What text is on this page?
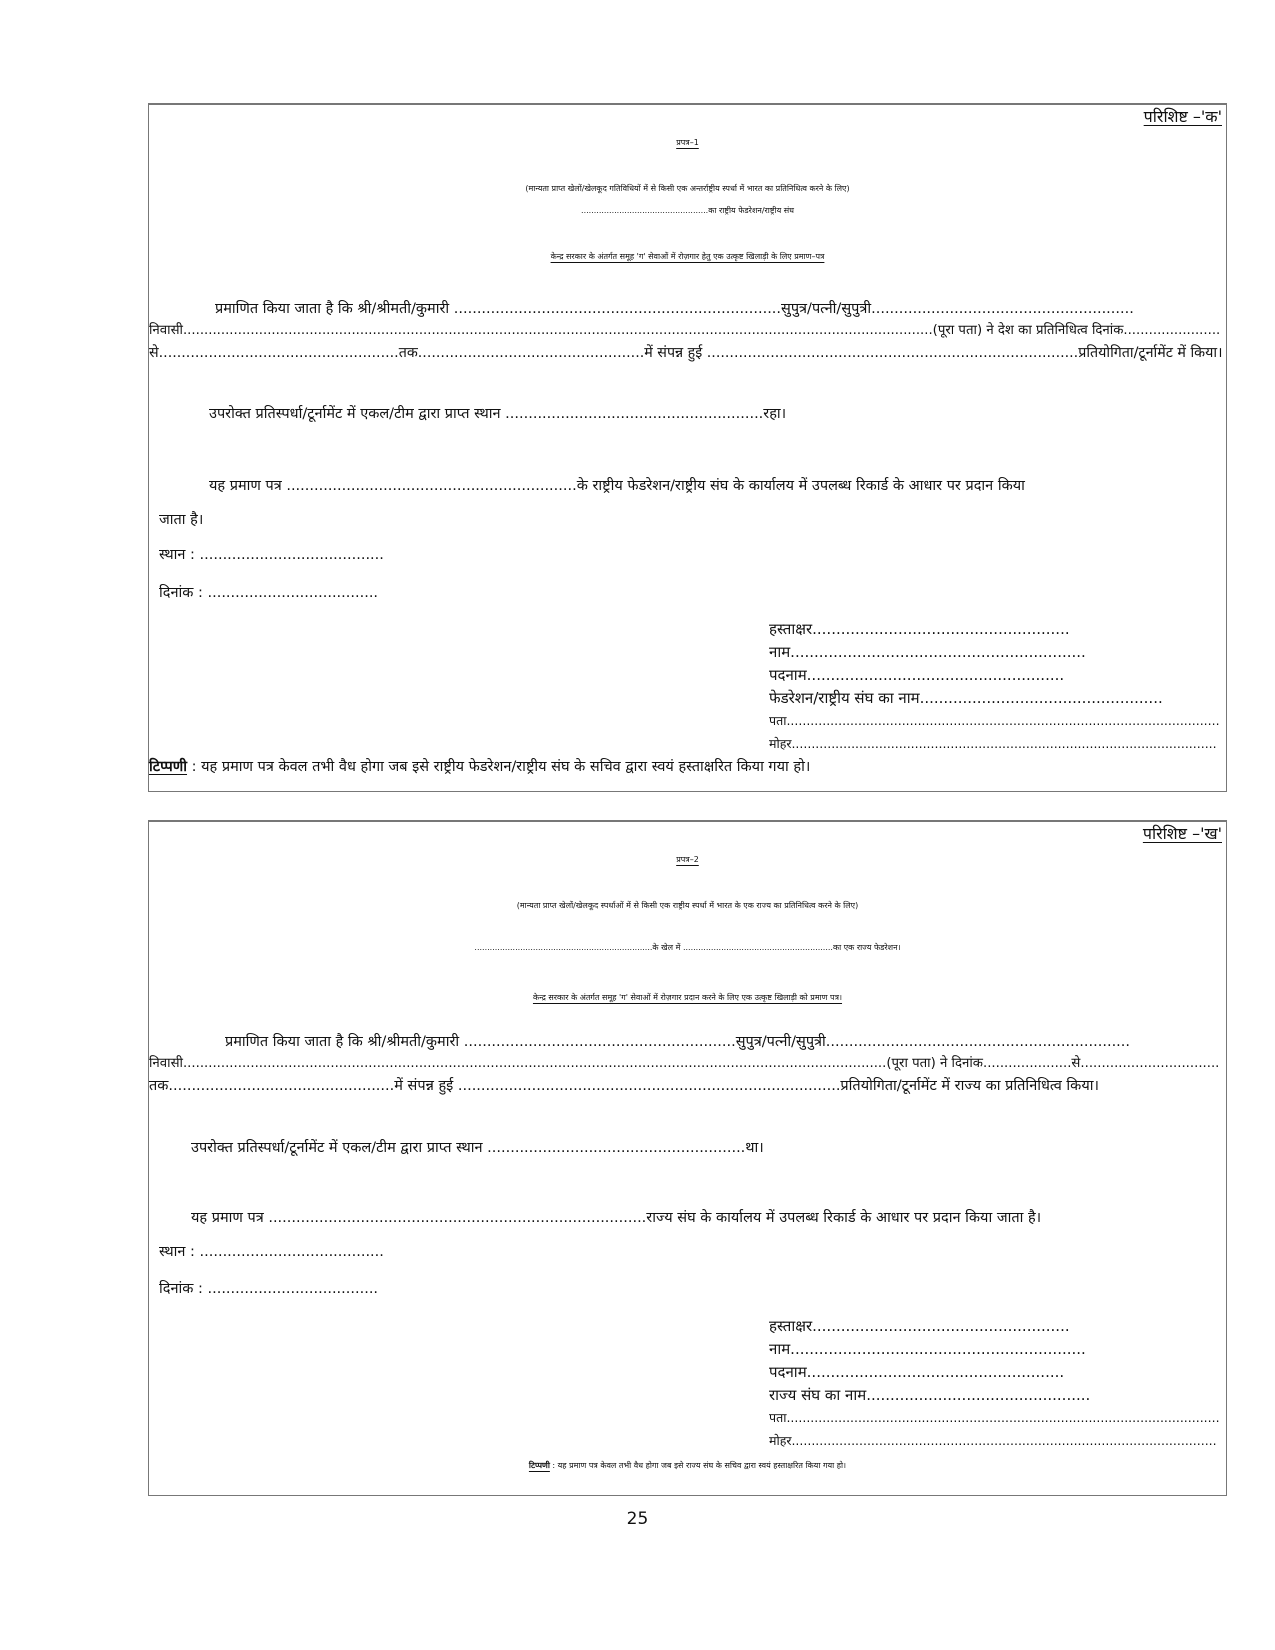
परिशिष्ट –'क'
प्रपत्र–1
(मान्यता प्राप्त खेलों/खेलकूद गतिविधियों में से किसी एक अन्तर्राष्ट्रीय स्पर्धा में भारत का प्रतिनिधित्व करने के लिए)
..................................................का राष्ट्रीय फेडरेशन/राष्ट्रीय संघ
केन्द्र सरकार के अंतर्गत समूह 'ग' सेवाओं में रोज़गार हेतु एक उत्कृष्ट खिलाड़ी के लिए प्रमाण–पत्र
प्रमाणित किया जाता है कि श्री/श्रीमती/कुमारी .......................................................................सुपुत्र/पत्नी/सुपुत्री.........................................................
निवासी..................................................................................................................................................................................(पूरा पता) ने देश का प्रतिनिधित्व दिनांक.......................
से.....................................................तक..................................................में संपन्न हुई ..................................................................................प्रतियोगिता/टूर्नामेंट में किया।
उपरोक्त प्रतिस्पर्धा/टूर्नामेंट में एकल/टीम द्वारा प्राप्त स्थान ........................................................रहा।
यह प्रमाण पत्र ...............................................................के राष्ट्रीय फेडरेशन/राष्ट्रीय संघ के कार्यालय में उपलब्ध रिकार्ड के आधार पर प्रदान किया
जाता है।
स्थान : ........................................
दिनांक : .....................................
हस्ताक्षर......................................................
नाम..............................................................
पदनाम......................................................
फेडरेशन/राष्ट्रीय संघ का नाम...................................................
पता.............................................................................................................
मोहर...........................................................................................................
टिप्पणी : यह प्रमाण पत्र केवल तभी वैध होगा जब इसे राष्ट्रीय फेडरेशन/राष्ट्रीय संघ के सचिव द्वारा स्वयं हस्ताक्षरित किया गया हो।
परिशिष्ट –'ख'
प्रपत्र–2
(मान्यता प्राप्त खेलों/खेलकूद स्पर्धाओं में से किसी एक राष्ट्रीय स्पर्धा में भारत के एक राज्य का प्रतिनिधित्व करने के लिए)
......................................................................के खेल में ...........................................................का एक राज्य फेडरेशन।
केन्द्र सरकार के अंतर्गत समूह 'ग' सेवाओं में रोज़गार प्रदान करने के लिए एक उत्कृष्ट खिलाड़ी को प्रमाण पत्र।
प्रमाणित किया जाता है कि श्री/श्रीमती/कुमारी ...........................................................सुपुत्र/पत्नी/सुपुत्री..................................................................
निवासी.......................................................................................................................................................................(पूरा पता) ने दिनांक.....................से.................................
तक.................................................में संपन्न हुई ...................................................................................प्रतियोगिता/टूर्नामेंट में राज्य का प्रतिनिधित्व किया।
उपरोक्त प्रतिस्पर्धा/टूर्नामेंट में एकल/टीम द्वारा प्राप्त स्थान ........................................................था।
यह प्रमाण पत्र ..................................................................................राज्य संघ के कार्यालय में उपलब्ध रिकार्ड के आधार पर प्रदान किया जाता है।
स्थान : ........................................
दिनांक : .....................................
हस्ताक्षर......................................................
नाम..............................................................
पदनाम......................................................
राज्य संघ का नाम...............................................
पता.............................................................................................................
मोहर...........................................................................................................
टिप्पणी : यह प्रमाण पत्र केवल तभी वैध होगा जब इसे राज्य संघ के सचिव द्वारा स्वयं हस्ताक्षरित किया गया हो।
25
